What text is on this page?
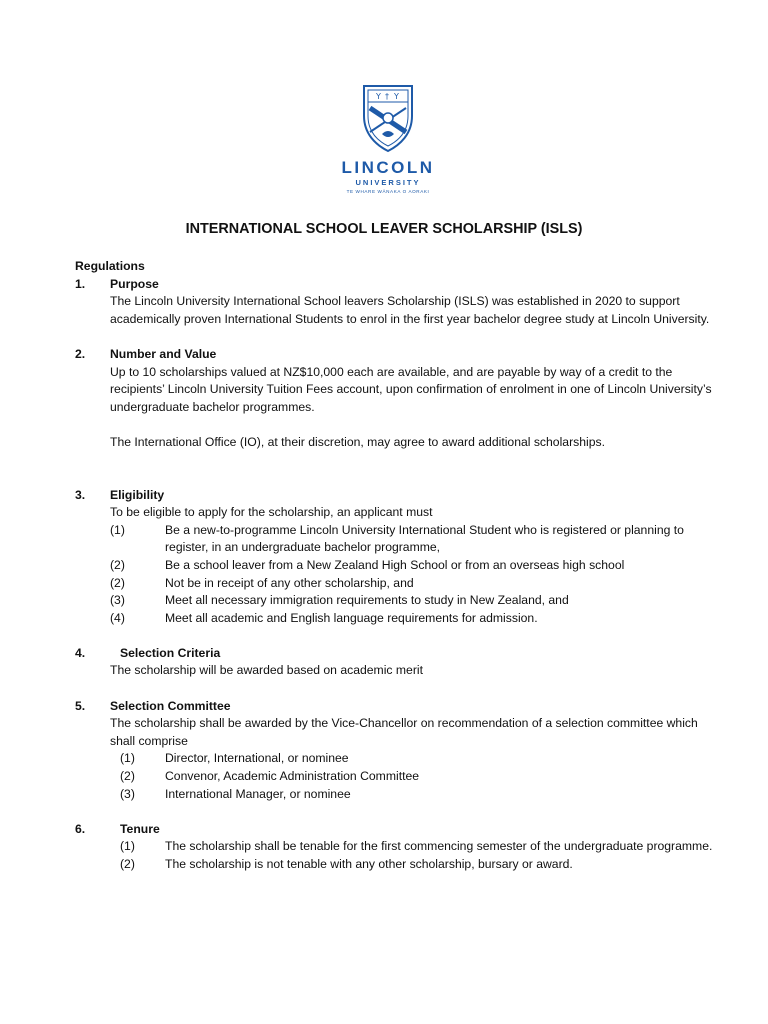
Y † Y
LINCOLN
UNIVERSITY
TE WHARE WĀNAKA O AORAKI
INTERNATIONAL SCHOOL LEAVER SCHOLARSHIP (ISLS)
Regulations
1.	Purpose
The Lincoln University International School leavers Scholarship (ISLS) was established in 2020 to support academically proven International Students to enrol in the first year bachelor degree study at Lincoln University.
2.	Number and Value
Up to 10 scholarships valued at NZ$10,000 each are available, and are payable by way of a credit to the recipients’ Lincoln University Tuition Fees account, upon confirmation of enrolment in one of Lincoln University’s undergraduate bachelor programmes.
The International Office (IO), at their discretion, may agree to award additional scholarships.
3.	Eligibility
To be eligible to apply for the scholarship, an applicant must
(1)	Be a new-to-programme Lincoln University International Student who is registered or planning to register, in an undergraduate bachelor programme,
(2)	Be a school leaver from a New Zealand High School or from an overseas high school
(2)	Not be in receipt of any other scholarship, and
(3)	Meet all necessary immigration requirements to study in New Zealand, and
(4)	Meet all academic and English language requirements for admission.
4.	Selection Criteria
The scholarship will be awarded based on academic merit
5.	Selection Committee
The scholarship shall be awarded by the Vice-Chancellor on recommendation of a selection committee which shall comprise
(1) Director, International, or nominee
(2) Convenor, Academic Administration Committee
(3) International Manager, or nominee
6.	Tenure
(1) The scholarship shall be tenable for the first commencing semester of the undergraduate programme.
(2) The scholarship is not tenable with any other scholarship, bursary or award.
